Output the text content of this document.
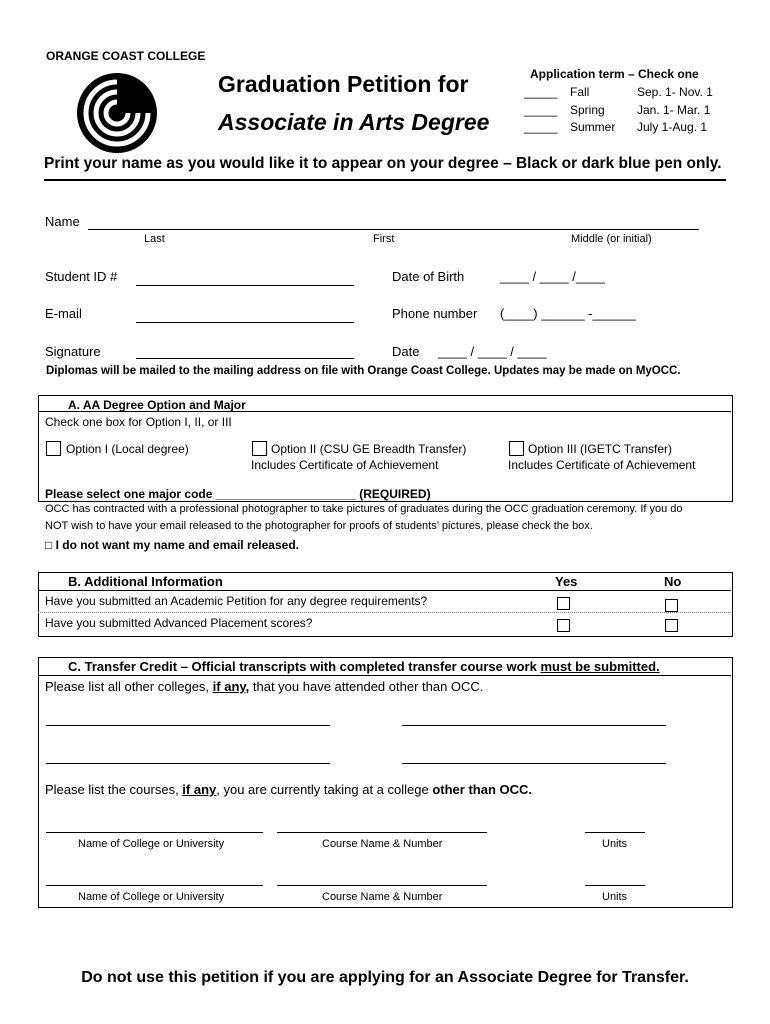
ORANGE COAST COLLEGE
Graduation Petition for
Associate in Arts Degree
Application term – Check one
_____ Fall	Sep. 1- Nov. 1
_____ Spring	Jan. 1- Mar. 1
_____ Summer July 1-Aug. 1
Print your name as you would like it to appear on your degree – Black or dark blue pen only.
Name
Last	First	Middle (or initial)
Student ID #	Date of Birth	____ / ____ /____
E-mail	Phone number (____) ______ -______
Signature	Date ____ / ____ / ____
Diplomas will be mailed to the mailing address on file with Orange Coast College. Updates may be made on MyOCC.
A. AA Degree Option and Major
Check one box for Option I, II, or III
Option I (Local degree)	Option II (CSU GE Breadth Transfer)
Includes Certificate of Achievement
Option III (IGETC Transfer)
Includes Certificate of Achievement
Please select one major code _____________________ (REQUIRED)
OCC has contracted with a professional photographer to take pictures of graduates during the OCC graduation ceremony. If you do
NOT wish to have your email released to the photographer for proofs of students’ pictures, please check the box.
□ I do not want my name and email released.
B. Additional Information	Yes	No
Have you submitted an Academic Petition for any degree requirements?
Have you submitted Advanced Placement scores?
C. Transfer Credit – Official transcripts with completed transfer course work must be submitted.
Please list all other colleges, if any, that you have attended other than OCC.
Please list the courses, if any, you are currently taking at a college other than OCC.
Name of College or University	Course Name & Number	Units
Name of College or University	Course Name & Number	Units
Do not use this petition if you are applying for an Associate Degree for Transfer.
